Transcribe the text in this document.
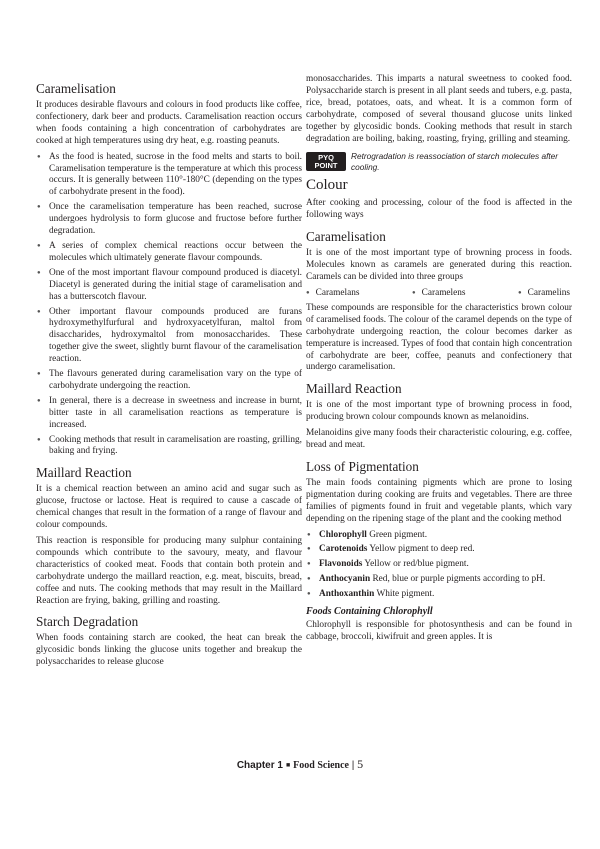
Caramelisation

It produces desirable flavours and colours in food products like coffee, confectionery, dark beer and products. Caramelisation reaction occurs when foods containing a high concentration of carbohydrates are cooked at high temperatures using dry heat, e.g. roasting peanuts.

● As the food is heated, sucrose in the food melts and starts to boil. Caramelisation temperature is the temperature at which this process occurs. It is generally between 110°-180°C (depending on the types of carbohydrate present in the food).
● Once the caramelisation temperature has been reached, sucrose undergoes hydrolysis to form glucose and fructose before further degradation.
● A series of complex chemical reactions occur between the molecules which ultimately generate flavour compounds.
● One of the most important flavour compound produced is diacetyl. Diacetyl is generated during the initial stage of caramelisation and has a butterscotch flavour.
● Other important flavour compounds produced are furans hydroxymethylfurfural and hydroxyacetylfuran, maltol from disaccharides, hydroxymaltol from monosaccharides. These together give the sweet, slightly burnt flavour of the caramelisation reaction.
● The flavours generated during caramelisation vary on the type of carbohydrate undergoing the reaction.
● In general, there is a decrease in sweetness and increase in burnt, bitter taste in all caramelisation reactions as temperature is increased.
● Cooking methods that result in caramelisation are roasting, grilling, baking and frying.
Maillard Reaction

It is a chemical reaction between an amino acid and sugar such as glucose, fructose or lactose. Heat is required to cause a cascade of chemical changes that result in the formation of a range of flavour and colour compounds.

This reaction is responsible for producing many sulphur containing compounds which contribute to the savoury, meaty, and flavour characteristics of cooked meat. Foods that contain both protein and carbohydrate undergo the maillard reaction, e.g. meat, biscuits, bread, coffee and nuts. The cooking methods that may result in the Maillard Reaction are frying, baking, grilling and roasting.

Starch Degradation

When foods containing starch are cooked, the heat can break the glycosidic bonds linking the glucose units together and breakup the polysaccharides to release glucose

monosaccharides. This imparts a natural sweetness to cooked food. Polysaccharide starch is present in all plant seeds and tubers, e.g. pasta, rice, bread, potatoes, oats, and wheat. It is a common form of carbohydrate, composed of several thousand glucose units linked together by glycosidic bonds. Cooking methods that result in starch degradation are boiling, baking, roasting, frying, grilling and steaming.

PYQ
POINT
Retrogradation is reassociation of starch molecules after cooling.
Colour

After cooking and processing, colour of the food is affected in the following ways

Caramelisation

It is one of the most important type of browning process in foods. Molecules known as caramels are generated during this reaction. Caramels can be divided into three groups

● Caramelans	● Caramelens	● Caramelins

These compounds are responsible for the characteristics brown colour of caramelised foods. The colour of the caramel depends on the type of carbohydrate undergoing reaction, the colour becomes darker as temperature is increased. Types of food that contain high concentration of carbohydrate are beer, coffee, peanuts and confectionery that undergo caramelisation.

Maillard Reaction

It is one of the most important type of browning process in food, producing brown colour compounds known as melanoidins.

Melanoidins give many foods their characteristic colouring, e.g. coffee, bread and meat.

Loss of Pigmentation

The main foods containing pigments which are prone to losing pigmentation during cooking are fruits and vegetables. There are three families of pigments found in fruit and vegetable plants, which vary depending on the ripening stage of the plant and the cooking method

● Chlorophyll Green pigment.
● Carotenoids Yellow pigment to deep red.
● Flavonoids Yellow or red/blue pigment.
● Anthocyanin Red, blue or purple pigments according to pH.
● Anthoxanthin White pigment.
Foods Containing Chlorophyll

Chlorophyll is responsible for photosynthesis and can be found in cabbage, broccoli, kiwifruit and green apples. It is

Chapter 1 ■ Food Science | 5
